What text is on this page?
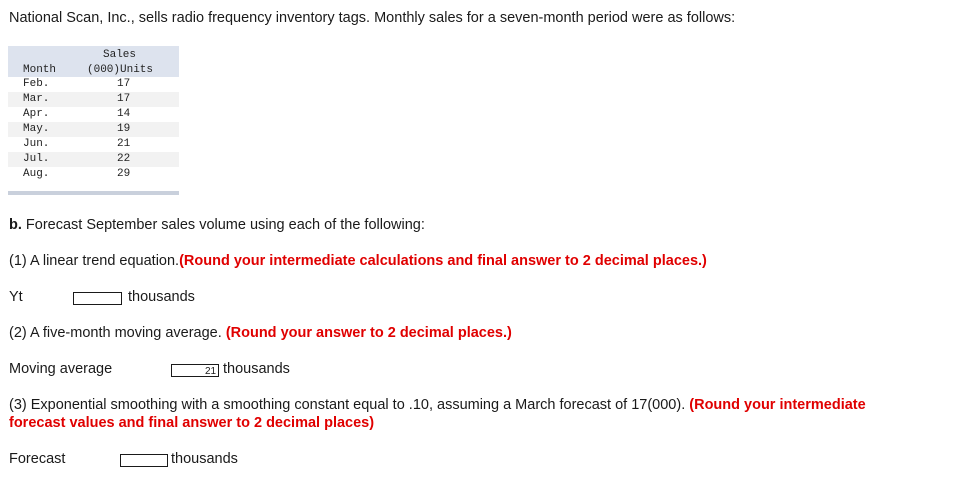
National Scan, Inc., sells radio frequency inventory tags. Monthly sales for a seven-month period were as follows:
Sales
Month	(000)Units
Feb.	17
Mar.	17
Apr.	14
May.	19
Jun.	21
Jul.	22
Aug.	29
b. Forecast September sales volume using each of the following:
(1) A linear trend equation.(Round your intermediate calculations and final answer to 2 decimal places.)
Yt	thousands
(2) A five-month moving average. (Round your answer to 2 decimal places.)
Moving average	21 thousands
(3) Exponential smoothing with a smoothing constant equal to .10, assuming a March forecast of 17(000). (Round your intermediate
forecast values and final answer to 2 decimal places)
Forecast	thousands
